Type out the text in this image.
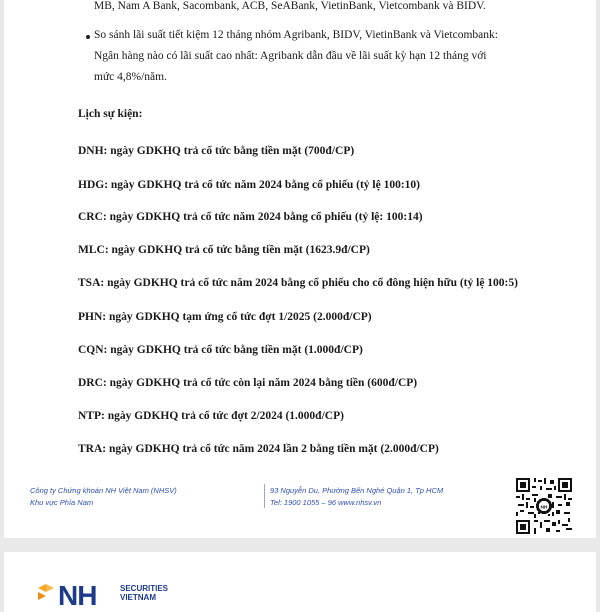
MB, Nam A Bank, Sacombank, ACB, SeABank, VietinBank, Vietcombank và BIDV.
So sánh lãi suất tiết kiệm 12 tháng nhóm Agribank, BIDV, VietinBank và Vietcombank:
Ngân hàng nào có lãi suất cao nhất: Agribank dẫn đầu về lãi suất kỳ hạn 12 tháng với
mức 4,8%/năm.
Lịch sự kiện:
DNH: ngày GDKHQ trả cổ tức bằng tiền mặt (700đ/CP)
HDG: ngày GDKHQ trả cổ tức năm 2024 bằng cổ phiếu (tỷ lệ 100:10)
CRC: ngày GDKHQ trả cổ tức năm 2024 bằng cổ phiếu (tỷ lệ: 100:14)
MLC: ngày GDKHQ trả cổ tức bằng tiền mặt (1623.9đ/CP)
TSA: ngày GDKHQ trả cổ tức năm 2024 bằng cổ phiếu cho cổ đông hiện hữu (tỷ lệ 100:5)
PHN: ngày GDKHQ tạm ứng cổ tức đợt 1/2025 (2.000đ/CP)
CQN: ngày GDKHQ trả cổ tức bằng tiền mặt (1.000đ/CP)
DRC: ngày GDKHQ trả cổ tức còn lại năm 2024 bằng tiền (600đ/CP)
NTP: ngày GDKHQ trả cổ tức đợt 2/2024 (1.000đ/CP)
TRA: ngày GDKHQ trả cổ tức năm 2024 lần 2 bằng tiền mặt (2.000đ/CP)
Công ty Chứng khoán NH Việt Nam (NHSV)
Khu vực Phía Nam
93 Nguyễn Du, Phường Bến Nghé Quận 1, Tp HCM
Tel: 1900 1055 – 96 www.nhsv.vn
NH
NH	SECURITIES
VIETNAM
